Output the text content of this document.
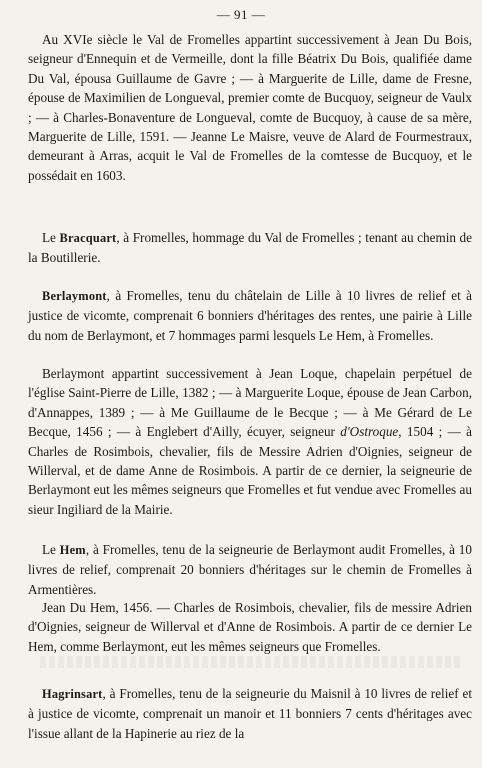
— 91 —

Au XVIe siècle le Val de Fromelles appartint successivement à Jean Du Bois, seigneur d'Ennequin et de Vermeille, dont la fille Béatrix Du Bois, qualifiée dame Du Val, épousa Guillaume de Gavre ; — à Marguerite de Lille, dame de Fresne, épouse de Maximilien de Longueval, premier comte de Bucquoy, seigneur de Vaulx ; — à Charles-Bonaventure de Longueval, comte de Bucquoy, à cause de sa mère, Marguerite de Lille, 1591. — Jeanne Le Maisre, veuve de Alard de Fourmestraux, demeurant à Arras, acquit le Val de Fromelles de la comtesse de Bucquoy, et le possédait en 1603.

Le Bracquart, à Fromelles, hommage du Val de Fromelles ; tenant au chemin de la Boutillerie.

Berlaymont, à Fromelles, tenu du châtelain de Lille à 10 livres de relief et à justice de vicomte, comprenait 6 bonniers d'héritages des rentes, une pairie à Lille du nom de Berlaymont, et 7 hommages parmi lesquels Le Hem, à Fromelles.

Berlaymont appartint successivement à Jean Loque, chapelain perpétuel de l'église Saint-Pierre de Lille, 1382 ; — à Marguerite Loque, épouse de Jean Carbon, d'Annappes, 1389 ; — à Me Guillaume de le Becque ; — à Me Gérard de Le Becque, 1456 ; — à Englebert d'Ailly, écuyer, seigneur d'Ostroque, 1504 ; — à Charles de Rosimbois, chevalier, fils de Messire Adrien d'Oignies, seigneur de Willerval, et de dame Anne de Rosimbois. A partir de ce dernier, la seigneurie de Berlaymont eut les mêmes seigneurs que Fromelles et fut vendue avec Fromelles au sieur Ingiliard de la Mairie.

Le Hem, à Fromelles, tenu de la seigneurie de Berlaymont audit Fromelles, à 10 livres de relief, comprenait 20 bonniers d'héritages sur le chemin de Fromelles à Armentières.

Jean Du Hem, 1456. — Charles de Rosimbois, chevalier, fils de messire Adrien d'Oignies, seigneur de Willerval et d'Anne de Rosimbois. A partir de ce dernier Le Hem, comme Berlaymont, eut les mêmes seigneurs que Fromelles.

Hagrinsart, à Fromelles, tenu de la seigneurie du Maisnil à 10 livres de relief et à justice de vicomte, comprenait un manoir et 11 bonniers 7 cents d'héritages avec l'issue allant de la Hapinerie au riez de la
